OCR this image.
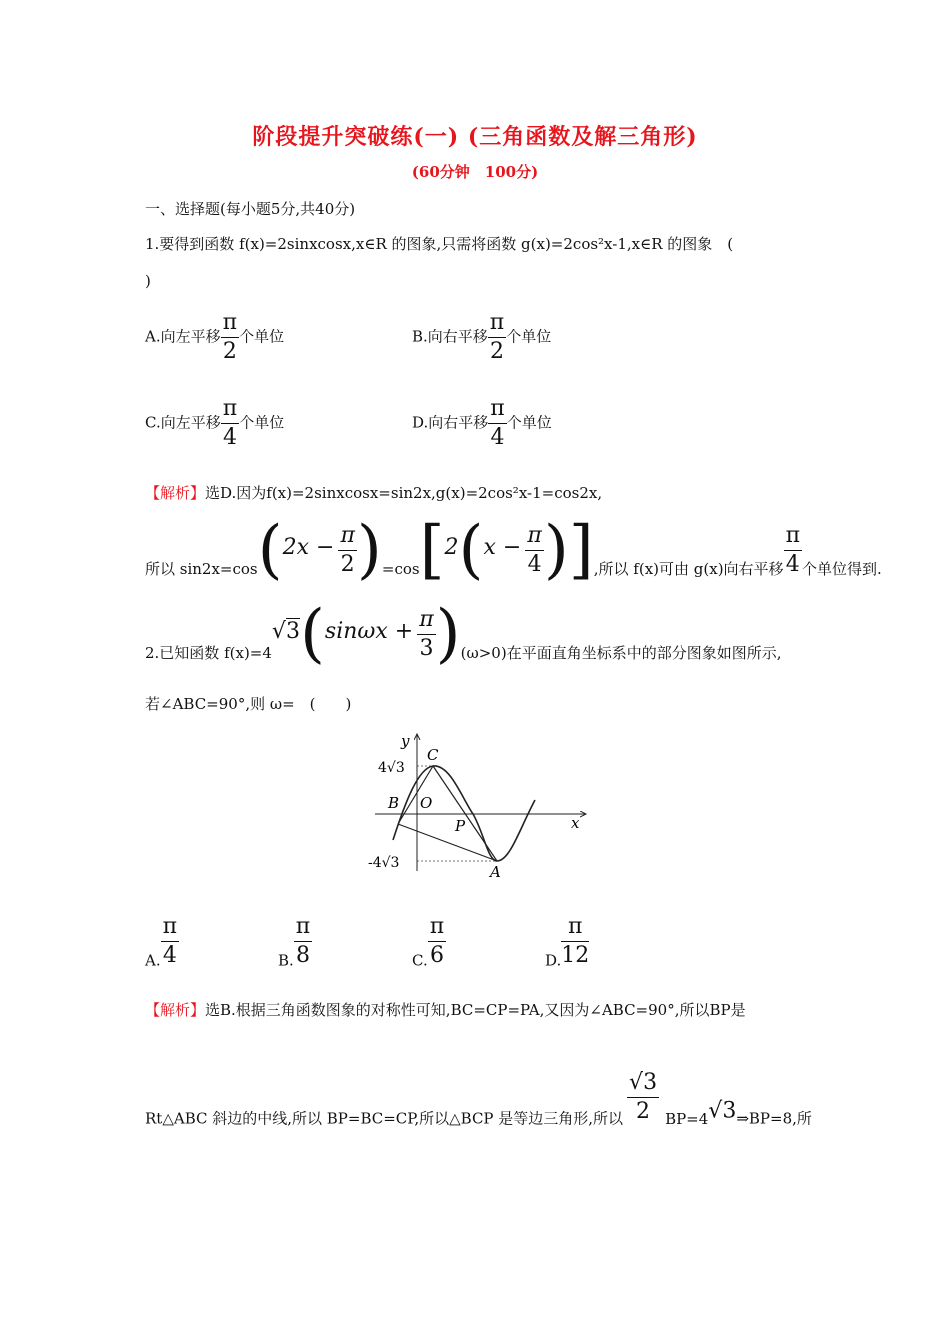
阶段提升突破练(一) (三角函数及解三角形)
(60分钟　100分)
一、选择题(每小题5分,共40分)
1.要得到函数 f(x)=2sinxcosx,x∈R 的图象,只需将函数 g(x)=2cos²x-1,x∈R 的图象　(
)
A.向左平移 $\frac{\pi}{2}$ 个单位	B.向右平移 $\frac{\pi}{2}$ 个单位
C.向左平移 $\frac{\pi}{4}$ 个单位	D.向右平移 $\frac{\pi}{4}$ 个单位
【解析】选D.因为f(x)=2sinxcosx=sin2x,g(x)=2cos²x-1=cos2x,
所以 $\sin 2x=\cos(2x - \frac{\pi}{2} )=\cos[2(x - \frac{\pi}{4}$ )],所以 f(x)可由 g(x)向右平移 $\frac{\pi}{4}$ 个单位得到.
2.已知函数 $f(x)=4√3(\sin\omega x + \frac{\pi}{3} )(\omega>0)$在平面直角坐标系中的部分图象如图所示,
若∠ABC=90°,则 ω=　(　　)
y
x
4√3
-4√3
C
B O
P
A
A. $\frac{\pi}{4}$	B. $\frac{\pi}{8}$	C. $\frac{\pi}{6}$	D. $\frac{\pi}{12}$
【解析】选B.根据三角函数图象的对称性可知,BC=CP=PA,又因为∠ABC=90°,所以BP是
Rt△ABC 斜边的中线,所以 BP=BC=CP,所以△BCP 是等边三角形,所以 $\frac{√3}{2}$ BP=4√3⇒BP=8,所
